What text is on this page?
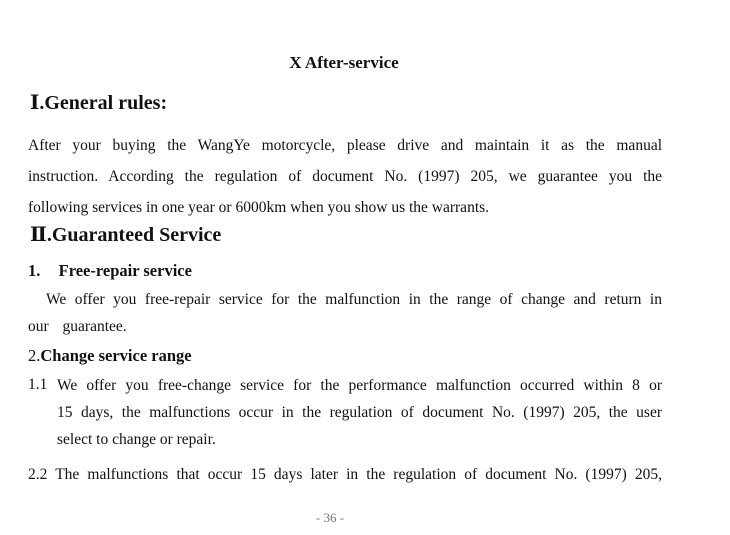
X After-service
Ⅰ.General rules:
After your buying the WangYe motorcycle, please drive and maintain it as the manual
instruction. According the regulation of document No. (1997) 205, we guarantee you the
following services in one year or 6000km when you show us the warrants.
Ⅱ.Guaranteed Service
1. Free-repair service
We offer you free-repair service for the malfunction in the range of change and return in
our guarantee.
2.Change service range
1.1 We offer you free-change service for the performance malfunction occurred within 8 or
15 days, the malfunctions occur in the regulation of document No. (1997) 205, the user
select to change or repair.
2.2 The malfunctions that occur 15 days later in the regulation of document No. (1997) 205,
- 36 -
